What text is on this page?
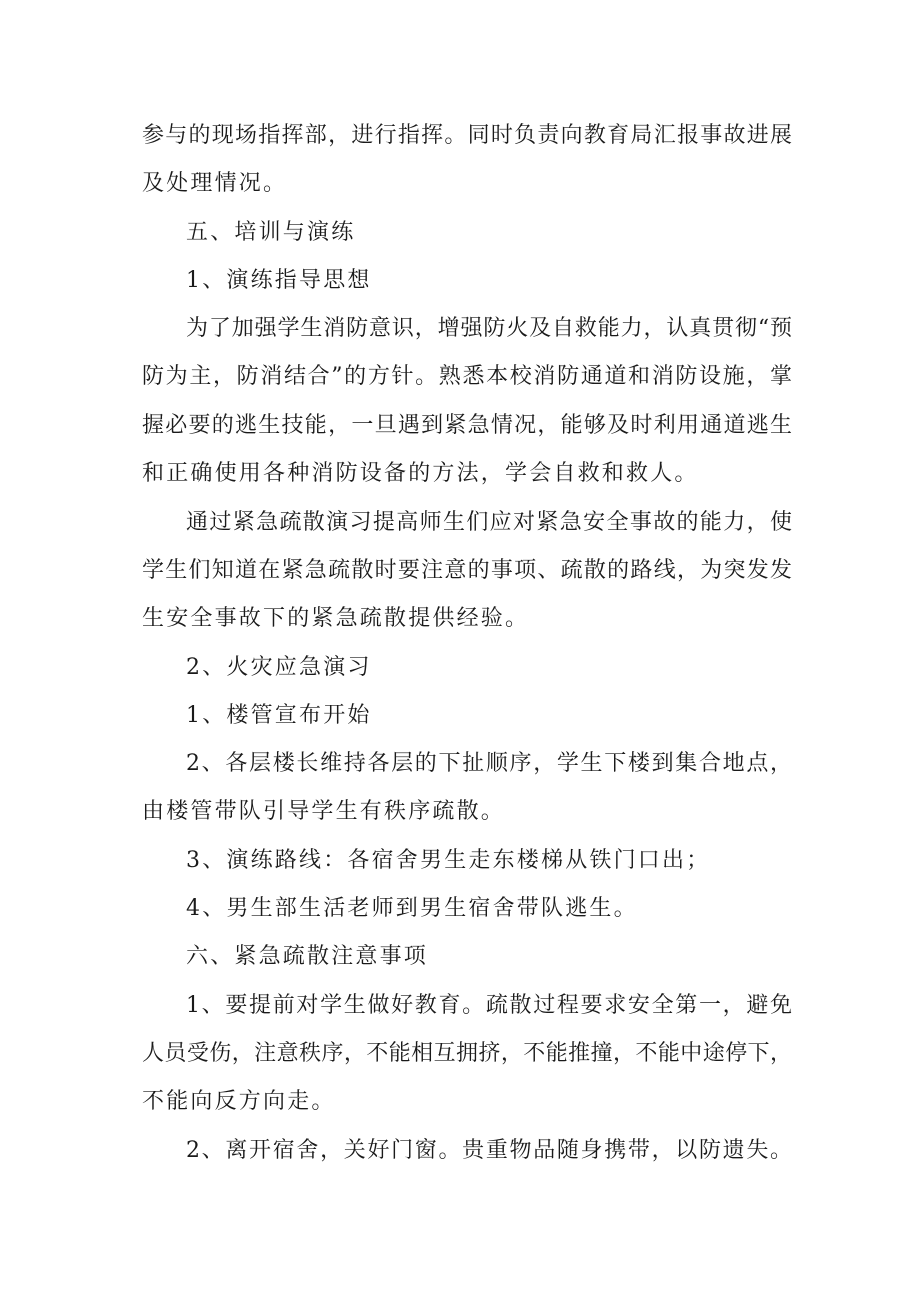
参与的现场指挥部，进行指挥。同时负责向教育局汇报事故进展

及处理情况。

五、培训与演练

1、演练指导思想

为了加强学生消防意识，增强防火及自救能力，认真贯彻“预

防为主，防消结合”的方针。熟悉本校消防通道和消防设施，掌

握必要的逃生技能，一旦遇到紧急情况，能够及时利用通道逃生

和正确使用各种消防设备的方法，学会自救和救人。

通过紧急疏散演习提高师生们应对紧急安全事故的能力，使

学生们知道在紧急疏散时要注意的事项、疏散的路线，为突发发

生安全事故下的紧急疏散提供经验。

2、火灾应急演习

1、楼管宣布开始

2、各层楼长维持各层的下扯顺序，学生下楼到集合地点，

由楼管带队引导学生有秩序疏散。

3、演练路线：各宿舍男生走东楼梯从铁门口出；

4、男生部生活老师到男生宿舍带队逃生。

六、紧急疏散注意事项

1、要提前对学生做好教育。疏散过程要求安全第一，避免

人员受伤，注意秩序，不能相互拥挤，不能推撞，不能中途停下，

不能向反方向走。

2、离开宿舍，关好门窗。贵重物品随身携带，以防遗失。
